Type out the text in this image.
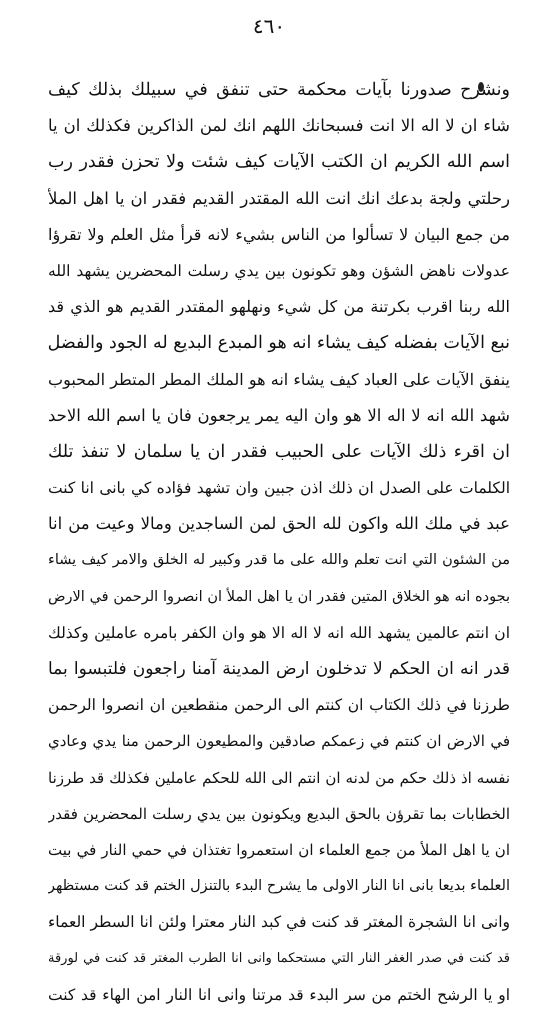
٤٦٠
ونشرح صدورنا بآيات محكمة حتى تنفق في سبيلك بذلك كيف
شاء ان لا اله الا انت فسبحانك اللهم انك لمن الذاكرين فكذلك ان يا
اسم الله الكريم ان الكتب الآيات كيف شئت ولا تحزن فقدر رب
رحلتي ولجة بدعك انك انت الله المقتدر القديم فقدر ان يا اهل الملأ
من جمع البيان لا تسألوا من الناس بشيء لانه قرأ مثل العلم ولا تقرؤا
عدولات ناهض الشؤن وهو تكونون بين يدي رسلت المحضرين يشهد الله
الله ربنا اقرب بكرتنة من كل شيء ونهلهو المقتدر القديم هو الذي قد
نبع الآيات بفضله كيف يشاء انه هو المبدع البديع له الجود والفضل
ينفق الآيات على العباد كيف يشاء انه هو الملك المطر المتطر المحبوب
شهد الله انه لا اله الا هو وان اليه يمر يرجعون فان يا اسم الله الاحد
ان اقرء ذلك الآيات على الحبيب فقدر ان يا سلمان لا تنفذ تلك
الكلمات على الصدل ان ذلك اذن جبين وان تشهد فؤاده كي بانى انا كنت
عبد في ملك الله واكون لله الحق لمن الساجدين ومالا وعيت من انا
من الشئون التي انت تعلم والله على ما قدر وكبير له الخلق والامر كيف يشاء
بجوده انه هو الخلاق المتين فقدر ان يا اهل الملأ ان انصروا الرحمن في الارض
ان انتم عالمين يشهد الله انه لا اله الا هو وان الكفر بامره عاملين وكذلك
قدر انه ان الحكم لا تدخلون ارض المدينة آمنا راجعون فلتبسوا بما
طرزنا في ذلك الكتاب ان كنتم الى الرحمن منقطعين ان انصروا الرحمن
في الارض ان كنتم في زعمكم صادقين والمطيعون الرحمن منا يدي وعادي
نفسه اذ ذلك حكم من لدنه ان انتم الى الله للحكم عاملين فكذلك قد طرزنا
الخطابات بما تقرؤن بالحق البديع ويكونون بين يدي رسلت المحضرين فقدر
ان يا اهل الملأ من جمع العلماء ان استعمروا تغتذان في حمي النار في بيت
العلماء بديعا بانى انا النار الاولى ما يشرح البدء بالتنزل الختم قد كنت مستظهر
وانى انا الشجرة المغتر قد كنت في كبد النار معترا ولئن انا السطر العماء
قد كنت في صدر الغفر النار التي مستحكما وانى انا الطرب المغتر قد كنت في لورقة
او يا الرشح الختم من سر البدء قد مرتنا وانى انا النار امن الهاء قد كنت
